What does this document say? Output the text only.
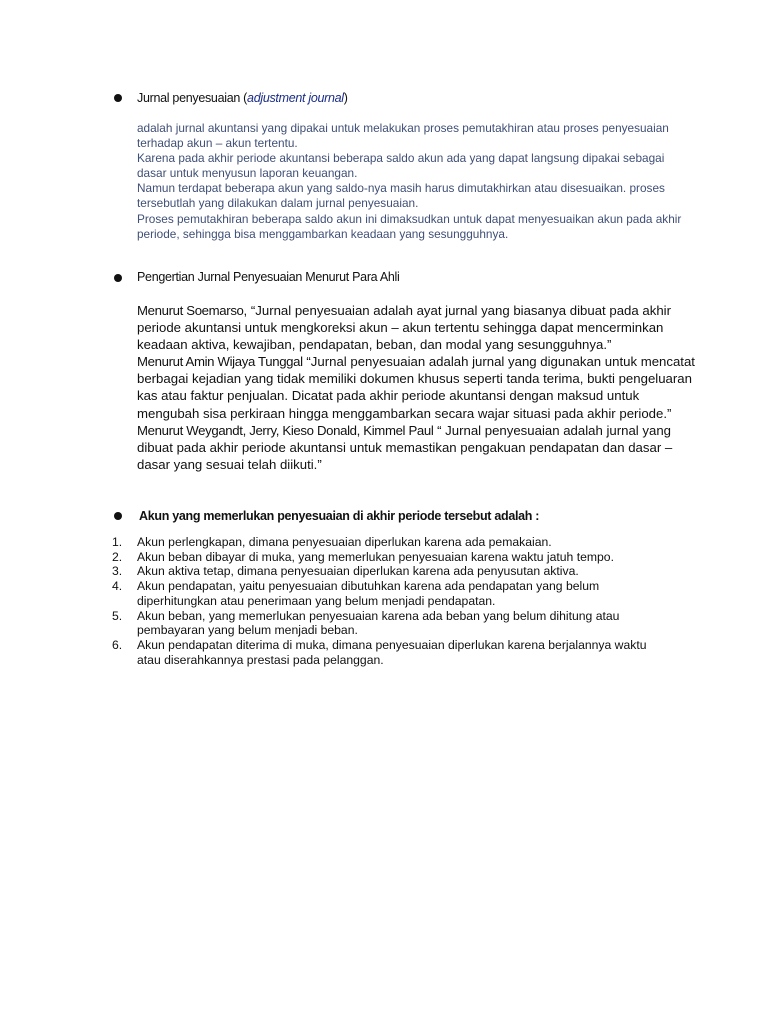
Jurnal penyesuaian (adjustment journal)

adalah jurnal akuntansi yang dipakai untuk melakukan proses pemutakhiran atau proses penyesuaian terhadap akun – akun tertentu.

Karena pada akhir periode akuntansi beberapa saldo akun ada yang dapat langsung dipakai sebagai dasar untuk menyusun laporan keuangan.

Namun terdapat beberapa akun yang saldo-nya masih harus dimutakhirkan atau disesuaikan. proses tersebutlah yang dilakukan dalam jurnal penyesuaian.

Proses pemutakhiran beberapa saldo akun ini dimaksudkan untuk dapat menyesuaikan akun pada akhir periode, sehingga bisa menggambarkan keadaan yang sesungguhnya.

Pengertian Jurnal Penyesuaian Menurut Para Ahli

Menurut Soemarso, “Jurnal penyesuaian adalah ayat jurnal yang biasanya dibuat pada akhir periode akuntansi untuk mengkoreksi akun – akun tertentu sehingga dapat mencerminkan keadaan aktiva, kewajiban, pendapatan, beban, dan modal yang sesungguhnya.”

Menurut Amin Wijaya Tunggal “Jurnal penyesuaian adalah jurnal yang digunakan untuk mencatat berbagai kejadian yang tidak memiliki dokumen khusus seperti tanda terima, bukti pengeluaran kas atau faktur penjualan. Dicatat pada akhir periode akuntansi dengan maksud untuk mengubah sisa perkiraan hingga menggambarkan secara wajar situasi pada akhir periode.”

Menurut Weygandt, Jerry, Kieso Donald, Kimmel Paul “ Jurnal penyesuaian adalah jurnal yang dibuat pada akhir periode akuntansi untuk memastikan pengakuan pendapatan dan dasar – dasar yang sesuai telah diikuti.”

Akun yang memerlukan penyesuaian di akhir periode tersebut adalah :
1. Akun perlengkapan, dimana penyesuaian diperlukan karena ada pemakaian.
2. Akun beban dibayar di muka, yang memerlukan penyesuaian karena waktu jatuh tempo.
3. Akun aktiva tetap, dimana penyesuaian diperlukan karena ada penyusutan aktiva.
4. Akun pendapatan, yaitu penyesuaian dibutuhkan karena ada pendapatan yang belum diperhitungkan atau penerimaan yang belum menjadi pendapatan.
5. Akun beban, yang memerlukan penyesuaian karena ada beban yang belum dihitung atau pembayaran yang belum menjadi beban.
6. Akun pendapatan diterima di muka, dimana penyesuaian diperlukan karena berjalannya waktu atau diserahkannya prestasi pada pelanggan.
